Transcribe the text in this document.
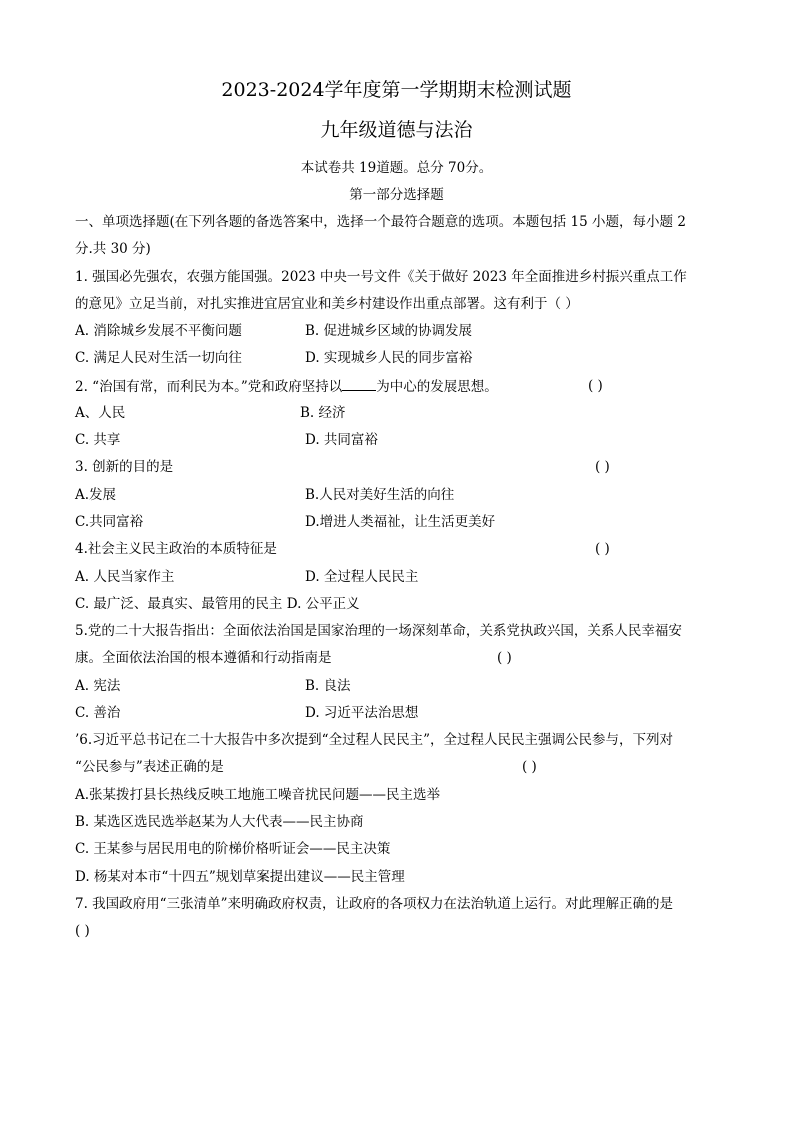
2023-2024学年度第一学期期末检测试题
九年级道德与法治
本试卷共 19道题。总分 70分。
第一部分选择题
一、单项选择题(在下列各题的备选答案中，选择一个最符合题意的选项。本题包括 15 小题，每小题 2
分.共 30 分)
1. 强国必先强农，农强方能国强。2023 中央一号文件《关于做好 2023 年全面推进乡村振兴重点工作
的意见》立足当前，对扎实推进宜居宜业和美乡村建设作出重点部署。这有利于（ ）
A. 消除城乡发展不平衡问题	B. 促进城乡区域的协调发展
C. 满足人民对生活一切向往	D. 实现城乡人民的同步富裕
2. “治国有常，而利民为本。”党和政府坚持以	为中心的发展思想。	( )
A、人民	B. 经济
C. 共享	D. 共同富裕
3. 创新的目的是	( )
A.发展	B.人民对美好生活的向往
C.共同富裕	D.增进人类福祉，让生活更美好
4.社会主义民主政治的本质特征是	( )
A. 人民当家作主	D. 全过程人民民主
C. 最广泛、最真实、最管用的民主 D. 公平正义
5.党的二十大报告指出：全面依法治国是国家治理的一场深刻革命，关系党执政兴国，关系人民幸福安
康。全面依法治国的根本遵循和行动指南是	( )
A. 宪法	B. 良法
C. 善治	D. 习近平法治思想
’6.习近平总书记在二十大报告中多次提到“全过程人民民主”，全过程人民民主强调公民参与，下列对
“公民参与”表述正确的是	( )
A.张某拨打县长热线反映工地施工噪音扰民问题——民主选举
B. 某选区选民选举赵某为人大代表——民主协商
C. 王某参与居民用电的阶梯价格听证会——民主决策
D. 杨某对本市“十四五”规划草案提出建议——民主管理
7. 我国政府用“三张清单”来明确政府权责，让政府的各项权力在法治轨道上运行。对此理解正确的是
( )
